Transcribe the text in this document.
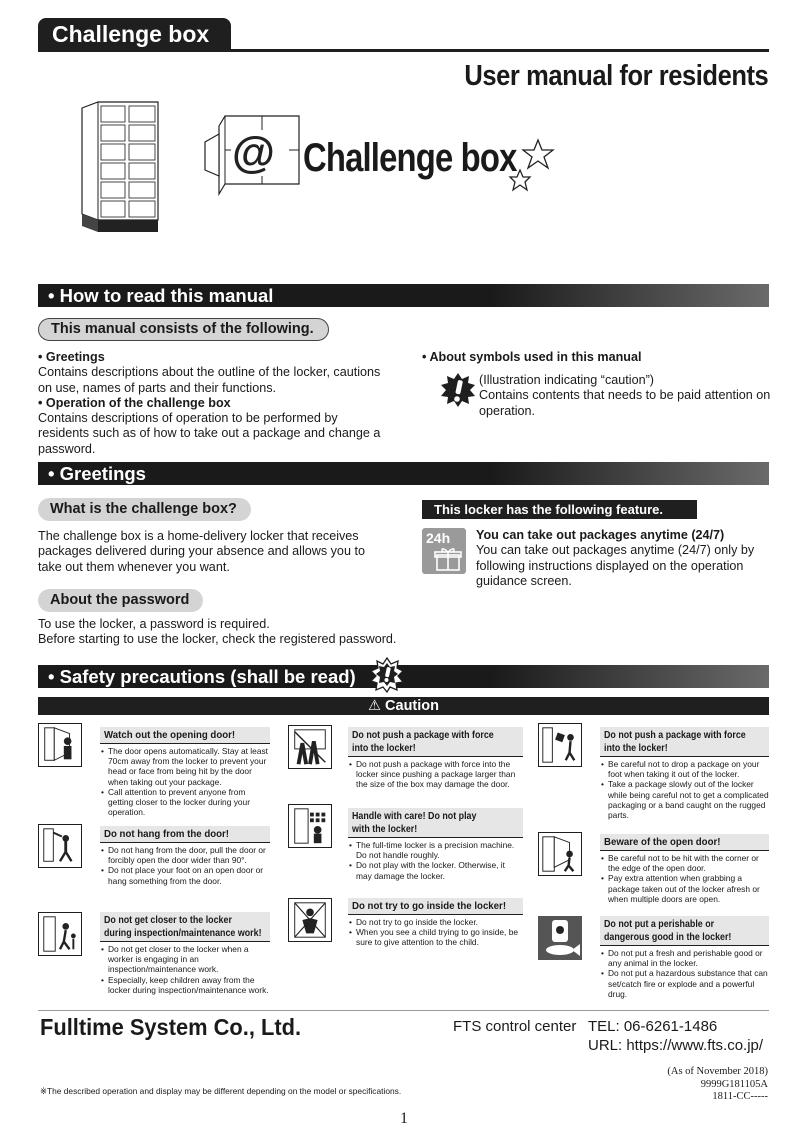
Challenge box
User manual for residents
@ Challenge box
• How to read this manual
This manual consists of the following.
• Greetings
Contains descriptions about the outline of the locker, cautions on use, names of parts and their functions.
• Operation of the challenge box
Contains descriptions of operation to be performed by residents such as of how to take out a package and change a password.
• About symbols used in this manual
(Illustration indicating “caution”)
Contains contents that needs to be paid attention on operation.
• Greetings
What is the challenge box?
The challenge box is a home-delivery locker that receives packages delivered during your absence and allows you to take out them whenever you want.
This locker has the following feature.
24h	You can take out packages anytime (24/7)
You can take out packages anytime (24/7) only by following instructions displayed on the operation guidance screen.
About the password
To use the locker, a password is required.
Before starting to use the locker, check the registered password.
• Safety precautions (shall be read)
⚠ Caution
Watch out the opening door!
• The door opens automatically. Stay at least 70cm away from the locker to prevent your head or face from being hit by the door when taking out your package.
• Call attention to prevent anyone from getting closer to the locker during your operation.
Do not hang from the door!
• Do not hang from the door, pull the door or forcibly open the door wider than 90°.
• Do not place your foot on an open door or hang something from the door.
Do not get closer to the locker
during inspection/maintenance work!
• Do not get closer to the locker when a worker is engaging in an inspection/maintenance work.
• Especially, keep children away from the locker during inspection/maintenance work.
Do not push a package with force
into the locker!
• Do not push a package with force into the locker since pushing a package larger than the size of the box may damage the door.
Handle with care! Do not play
with the locker!
• The full-time locker is a precision machine. Do not handle roughly.
• Do not play with the locker. Otherwise, it may damage the locker.
Do not try to go inside the locker!
• Do not try to go inside the locker.
• When you see a child trying to go inside, be sure to give attention to the child.
Do not push a package with force
into the locker!
• Be careful not to drop a package on your foot when taking it out of the locker.
• Take a package slowly out of the locker while being careful not to get a complicated packaging or a band caught on the rugged parts.
Beware of the open door!
• Be careful not to be hit with the corner or the edge of the open door.
• Pay extra attention when grabbing a package taken out of the locker afresh or when multiple doors are open.
Do not put a perishable or
dangerous good in the locker!
• Do not put a fresh and perishable good or any animal in the locker.
• Do not put a hazardous substance that can set/catch fire or explode and a powerful drug.
Fulltime System Co., Ltd.	FTS control center TEL: 06-6261-1486
URL: https://www.fts.co.jp/
※The described operation and display may be different depending on the model or specifications.
(As of November 2018)
9999G181105A
1811-CC-----
1
